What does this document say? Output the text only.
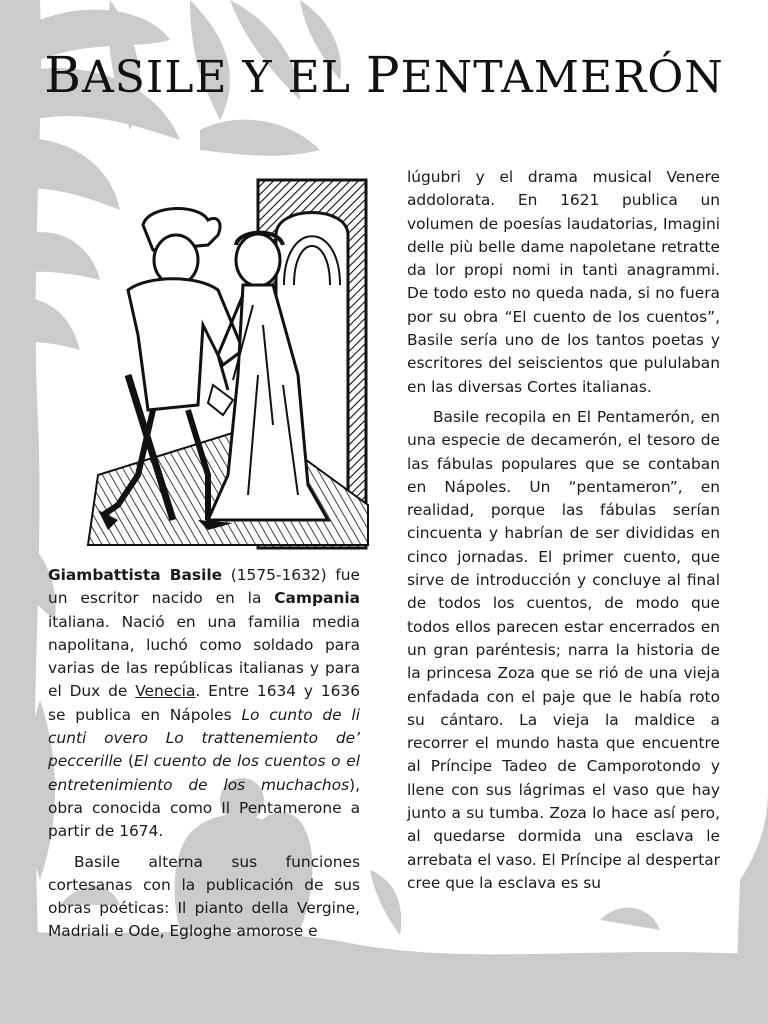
BASILE Y EL PENTAMERÓN

Giambattista Basile (1575-1632) fue un escritor nacido en la Campania italiana. Nació en una familia media napolitana, luchó como soldado para varias de las repúblicas italianas y para el Dux de Venecia. Entre 1634 y 1636 se publica en Nápoles Lo cunto de li cunti overo Lo trattenemiento de’ peccerille (El cuento de los cuentos o el entretenimiento de los muchachos), obra conocida como Il Pentamerone a partir de 1674.

Basile alterna sus funciones cortesanas con la publicación de sus obras poéticas: Il pianto della Vergine, Madriali e Ode, Egloghe amorose e

lúgubri y el drama musical Venere addolorata. En 1621 publica un volumen de poesías laudatorias, Imagini delle più belle dame napoletane retratte da lor propi nomi in tanti anagrammi. De todo esto no queda nada, si no fuera por su obra “El cuento de los cuentos”, Basile sería uno de los tantos poetas y escritores del seiscientos que pululaban en las diversas Cortes italianas.

Basile recopila en El Pentamerón, en una especie de decamerón, el tesoro de las fábulas populares que se contaban en Nápoles. Un “pentameron”, en realidad, porque las fábulas serían cincuenta y habrían de ser divididas en cinco jornadas. El primer cuento, que sirve de introducción y concluye al final de todos los cuentos, de modo que todos ellos parecen estar encerrados en un gran paréntesis; narra la historia de la princesa Zoza que se rió de una vieja enfadada con el paje que le había roto su cántaro. La vieja la maldice a recorrer el mundo hasta que encuentre al Príncipe Tadeo de Camporotondo y llene con sus lágrimas el vaso que hay junto a su tumba. Zoza lo hace así pero, al quedarse dormida una esclava le arrebata el vaso. El Príncipe al despertar cree que la esclava es su
